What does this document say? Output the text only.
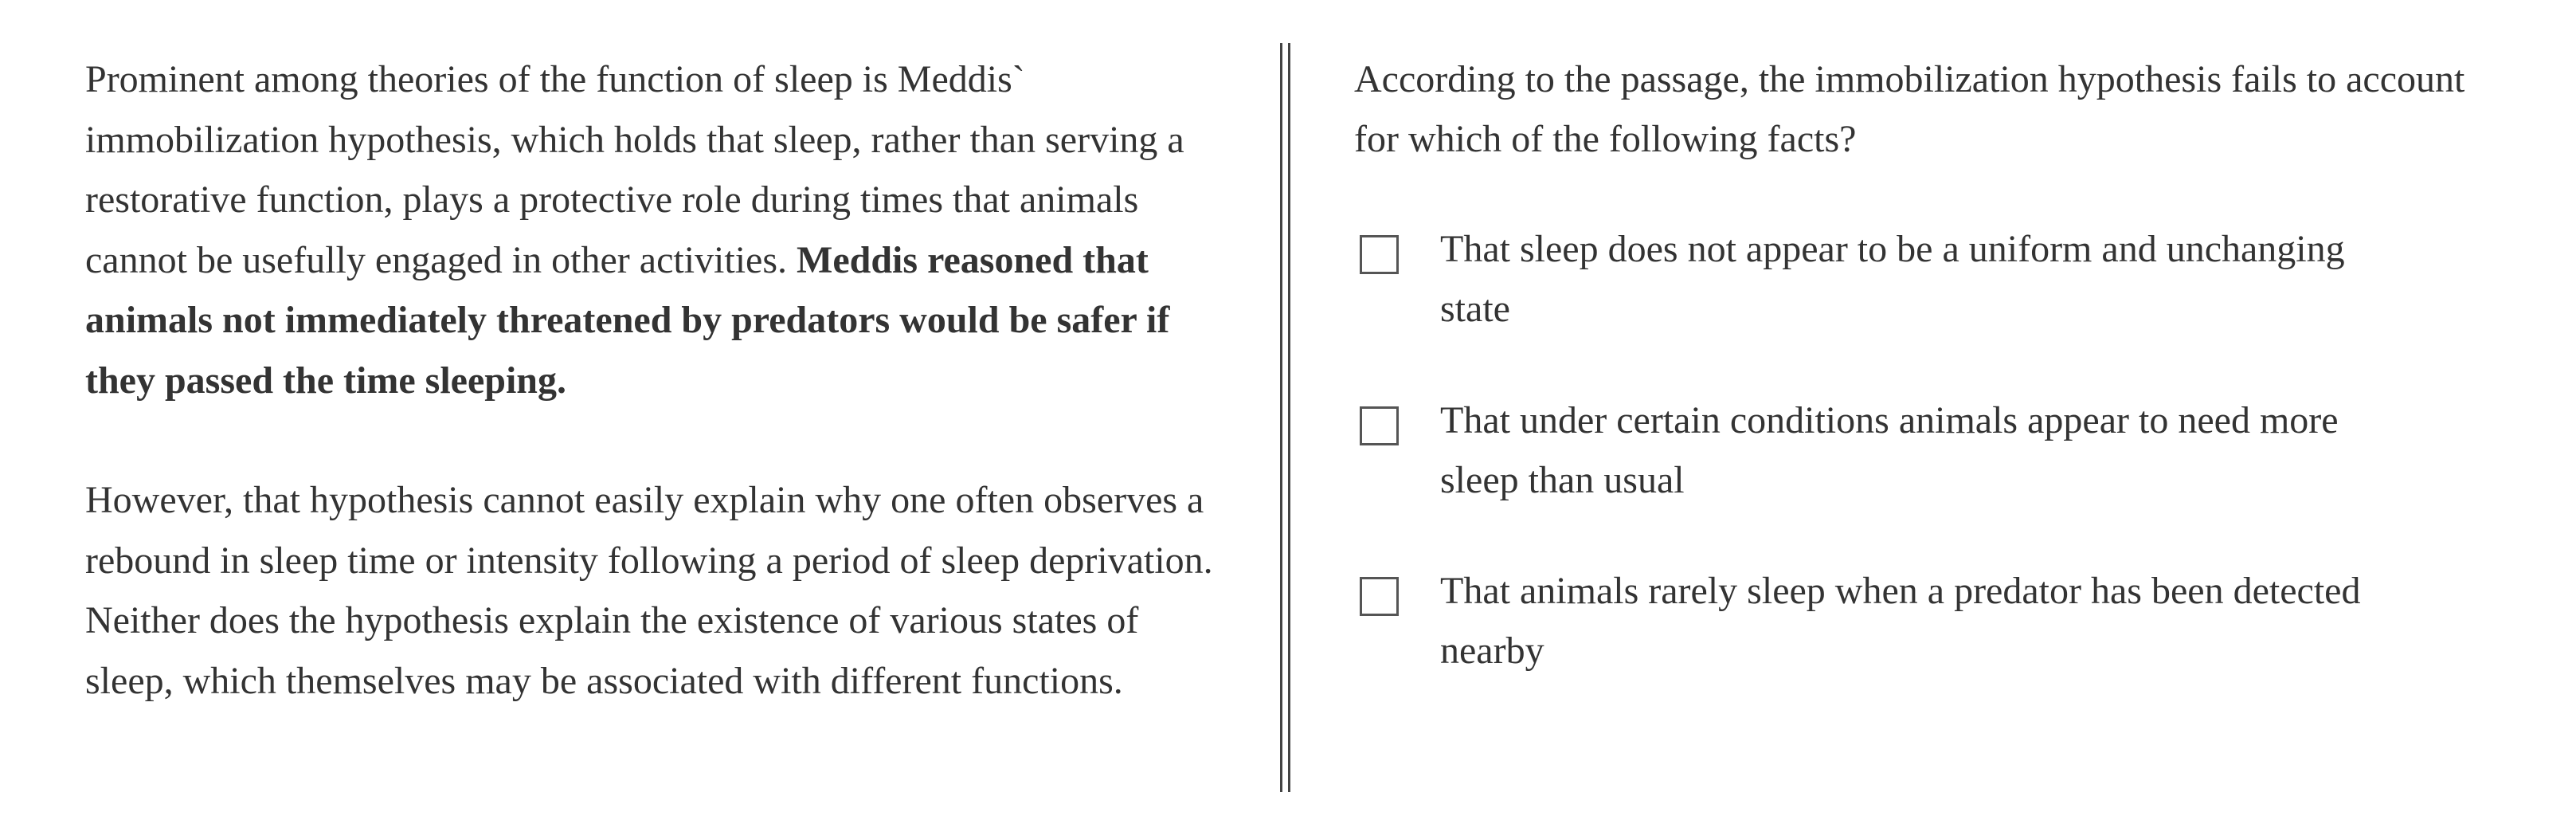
Prominent among theories of the function of sleep is Meddis` immobilization hypothesis, which holds that sleep, rather than serving a restorative function, plays a protective role during times that animals cannot be usefully engaged in other activities. Meddis reasoned that animals not immediately threatened by predators would be safer if they passed the time sleeping.

However, that hypothesis cannot easily explain why one often observes a rebound in sleep time or intensity following a period of sleep deprivation. Neither does the hypothesis explain the existence of various states of sleep, which themselves may be associated with different functions.

According to the passage, the immobilization hypothesis fails to account for which of the following facts?

That sleep does not appear to be a uniform and unchanging state
That under certain conditions animals appear to need more sleep than usual
That animals rarely sleep when a predator has been detected nearby
